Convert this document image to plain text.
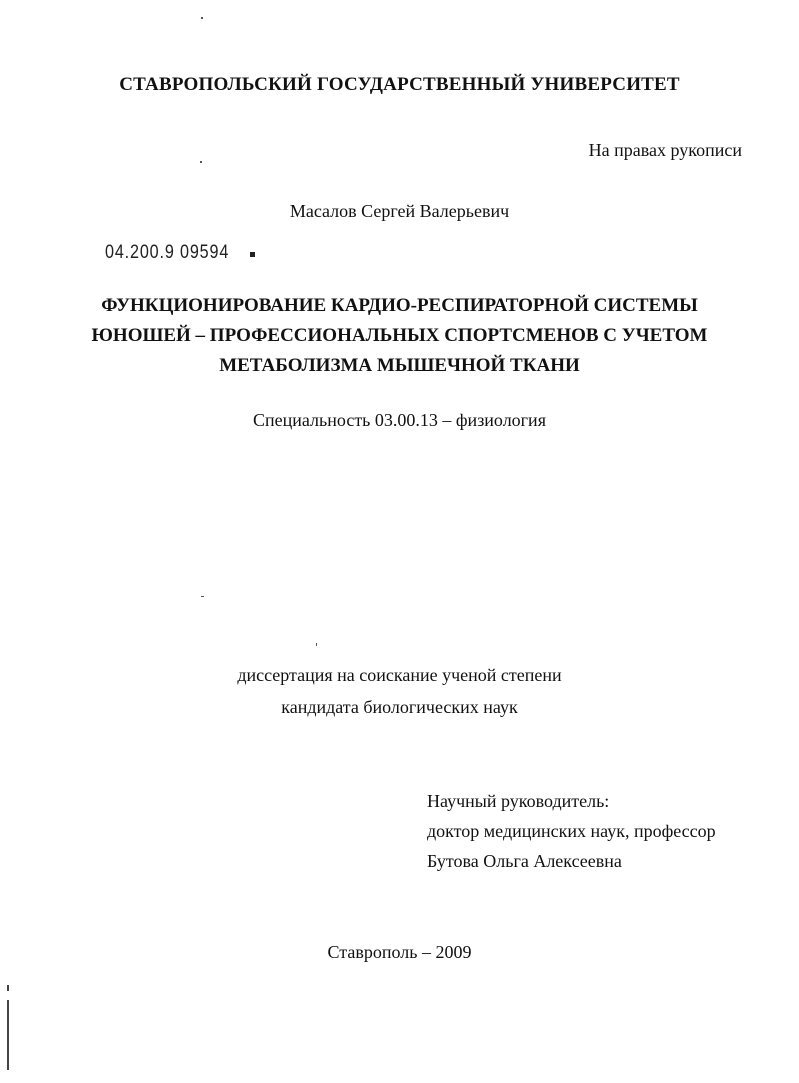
СТАВРОПОЛЬСКИЙ ГОСУДАРСТВЕННЫЙ УНИВЕРСИТЕТ
На правах рукописи
Масалов Сергей Валерьевич
04.200.9 09594
ФУНКЦИОНИРОВАНИЕ КАРДИО-РЕСПИРАТОРНОЙ СИСТЕМЫ
ЮНОШЕЙ – ПРОФЕССИОНАЛЬНЫХ СПОРТСМЕНОВ С УЧЕТОМ
МЕТАБОЛИЗМА МЫШЕЧНОЙ ТКАНИ
Специальность 03.00.13 – физиология
диссертация на соискание ученой степени
кандидата биологических наук
Научный руководитель:
доктор медицинских наук, профессор
Бутова Ольга Алексеевна
Ставрополь – 2009
